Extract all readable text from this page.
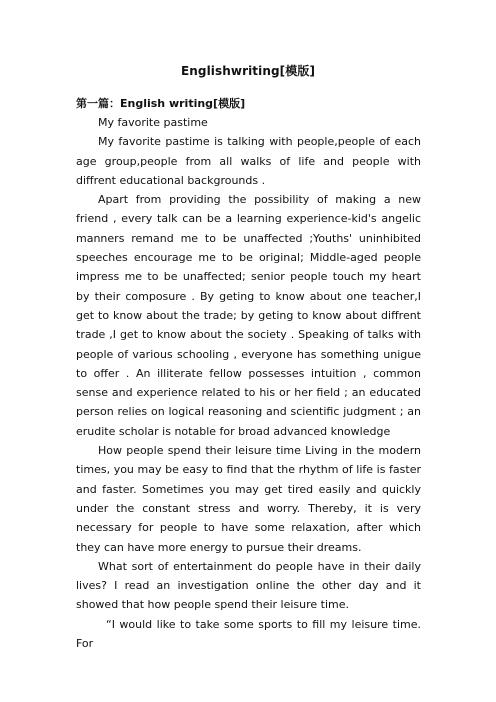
Englishwriting[模版]
第一篇：English writing[模版]

My favorite pastime

My favorite pastime is talking with people,people of each age group,people from all walks of life and people with diffrent educational backgrounds .

Apart from providing the possibility of making a new friend , every talk can be a learning experience-kid's angelic manners remand me to be unaffected ;Youths' uninhibited speeches encourage me to be original; Middle-aged people impress me to be unaffected; senior people touch my heart by their composure . By geting to know about one teacher,I get to know about the trade; by geting to know about diffrent trade ,I get to know about the society . Speaking of talks with people of various schooling , everyone has something unigue to offer . An illiterate fellow possesses intuition , common sense and experience related to his or her field ; an educated person relies on logical reasoning and scientific judgment ; an erudite scholar is notable for broad advanced knowledge

How people spend their leisure time Living in the modern times, you may be easy to find that the rhythm of life is faster and faster. Sometimes you may get tired easily and quickly under the constant stress and worry. Thereby, it is very necessary for people to have some relaxation, after which they can have more energy to pursue their dreams.

What sort of entertainment do people have in their daily lives? I read an investigation online the other day and it showed that how people spend their leisure time.

“I would like to take some sports to fill my leisure time. For
